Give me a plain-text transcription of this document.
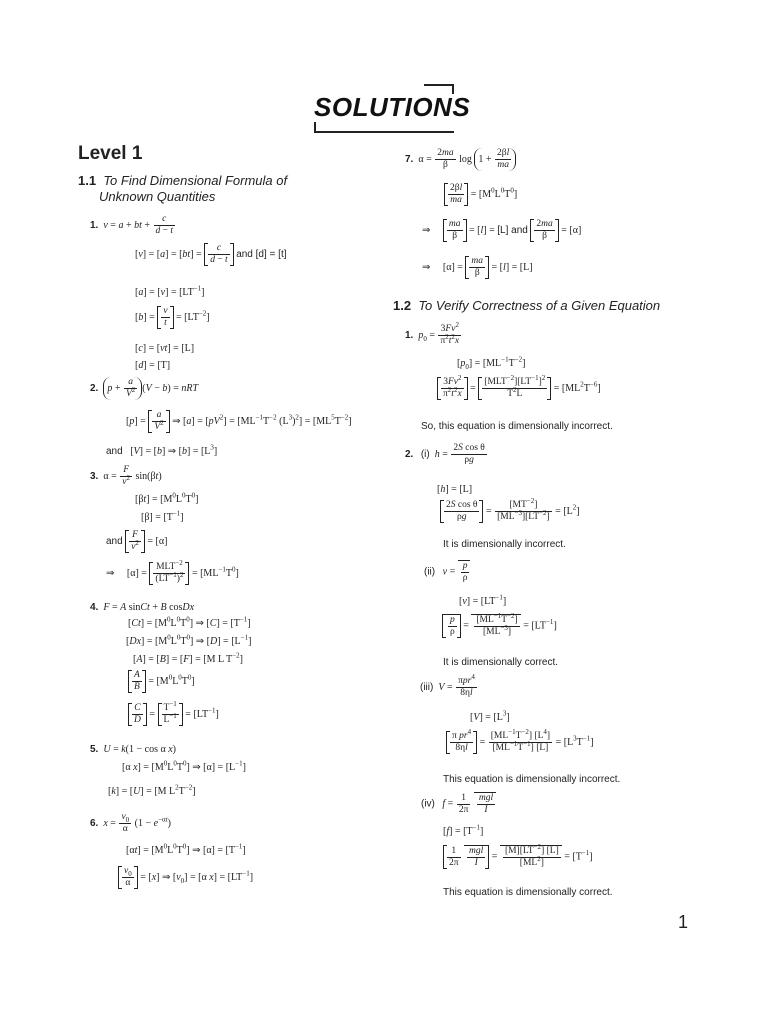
SOLUTIONS
Level 1
1.1 To Find Dimensional Formula of
Unknown Quantities
1. v = a + bt + $\frac{c}{d - t}$
$[v] = [a] = [bt] = \frac{c}{d - t}$ and [d] = [t]
$[a] = [v] = [LT^{-1}]$
$[b] = \frac{v}{t} = [LT^{-2}]$
[c] = [vt] = [L]
[d] = [T]
2. $p + \frac{a}{V^2} (V - b)$ = nRT
$[p] = \frac{a}{V^2}$ ⇒ $[a] = [pV^2] = [ML^{-1}T^{-2}$ $(L^3)^2] = [ML^5T^{-2}]$
and   [V] = [b] ⇒ $[b] = [L^3]$
3.  $\alpha = \frac{F}{v^2} \sin(\beta t)$
$[\beta t] = [M^0L^0T^0]$
$[\beta] = [T^{-1}]$
and $\frac{F}{v^2} = [\alpha]$
⇒     [α] =
$MLT^{-2}$
$(LT^{-1})^2 = [ML^{-1}T^0]$
4. F = A sinCt + B cosDx
$[Ct] = [M^0L^0T^0]$ ⇒ $[C] = [T^{-1}]$
$[Dx] = [M^0L^0T^0]$ ⇒ $[D] = [L^{-1}]$
[A] = [B] = [F] = [M L $T^{-2}$]
$\frac{A}{B} = [M^0L^0T^0]$
$\frac{C}{D} = \frac{T^{-1}}{L^{-1}} = [LT^{-1}]$
5. U = k(1 − cos α x)
[α $x] = [M^0L^0T^0]$ ⇒ $[\alpha] = [L^{-1}]$
[k] = [U] = [M $L^2T^{-2}$]
6. $x = \frac{v_0}{\alpha} (1 - e^{-\alpha t})$
$[\alpha t] = [M^0L^0T^0]$ ⇒ $[\alpha] = [T^{-1}]$
$\frac{v_0}{\alpha} = [x]$ ⇒ $[v_0] = [\alpha$ $x] = [LT^{-1}]$
7.  $\alpha = \frac{2ma}{\beta}$ $\log 1 + \frac{2\beta l}{ma}$
$\frac{2\beta l}{ma} = [M^0L^0T^0]$
⇒ $\frac{ma}{\beta} = [l] = [L]$ and $\frac{2ma}{\beta} = [\alpha]$
⇒     $[\alpha] = \frac{ma}{\beta} = [l] = [L]$
1.2 To Verify Correctness of a Given Equation
1. $p_0 = \frac{3Fv^2}{\pi^2t^2x}$
$[p_0] = [ML^{-1}T^{-2}]$
$\frac{3Fv^2}{\pi^2t^2x}$ =
$[MLT^{-2}][LT^{-1}]^2$
$T^2L$
= $[ML^2T^{-6}]$
So, this equation is dimensionally incorrect.
2. (i) $h = \frac{\text{2S cos θ}}{\rho g}$
[h] = [L]
$\frac{\text{2S cos θ}}{\rho g} = \frac{[MT^{-2}]}{[ML^{-3}][LT^{-2}]} = [L^2]$
It is dimensionally incorrect.
(ii) $v = \frac{p}{\rho}$
$[v] = [LT^{-1}]$
$\frac{p}{\rho} = \frac{[ML^{-1}T^{-2}]}{[ML^{-3}]} = [LT^{-1}]$
It is dimensionally correct.
(iii) V =
πpr$^4$
8ηl
$[V] = [L^3]$
$\frac{\pi pr^4}{8\eta l} = \frac{[ML^{-1}T^{-2}] [L^4]}{[ML^{-1}T^{-1}] [L]} = [L^3T^{-1}]$
This equation is dimensionally incorrect.
(iv) $f = \frac{1}{2\pi}$
mgl
I
$[f] = [T^{-1}]$
$\frac{1}{2\pi}$
mgl
I
= $\frac{[M][LT^{-2}] [L]}{[ML^2]} = [T^{-1}]$
This equation is dimensionally correct.
1
